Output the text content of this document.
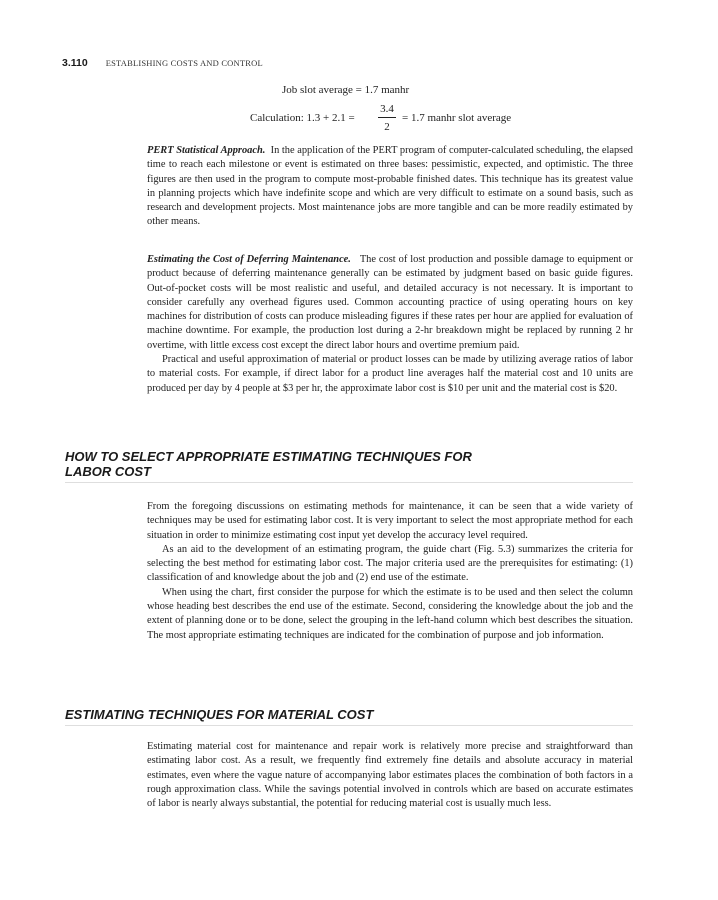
3.110 ESTABLISHING COSTS AND CONTROL
Job slot average = 1.7 manhr
Calculation: 1.3 + 2.1 =
3.4
2
= 1.7 manhr slot average

PERT Statistical Approach. In the application of the PERT program of computer-calculated scheduling, the elapsed time to reach each milestone or event is estimated on three bases: pessimistic, expected, and optimistic. The three figures are then used in the program to compute most-probable finished dates. This technique has its greatest value in planning projects which have indefinite scope and which are very difficult to estimate on a sound basis, such as research and development projects. Most maintenance jobs are more tangible and can be more readily estimated by other means.

Estimating the Cost of Deferring Maintenance. The cost of lost production and possible damage to equipment or product because of deferring maintenance generally can be estimated by judgment based on basic guide figures. Out-of-pocket costs will be most realistic and useful, and detailed accuracy is not necessary. It is important to consider carefully any overhead figures used. Common accounting practice of using operating hours on key machines for distribution of costs can produce misleading figures if these rates per hour are applied for evaluation of machine downtime. For example, the production lost during a 2-hr breakdown might be replaced by running 2 hr overtime, with little excess cost except the direct labor hours and overtime premium paid.

Practical and useful approximation of material or product losses can be made by utilizing average ratios of labor to material costs. For example, if direct labor for a product line averages half the material cost and 10 units are produced per day by 4 people at $3 per hr, the approximate labor cost is $10 per unit and the material cost is $20.

HOW TO SELECT APPROPRIATE ESTIMATING TECHNIQUES FOR
LABOR COST

From the foregoing discussions on estimating methods for maintenance, it can be seen that a wide variety of techniques may be used for estimating labor cost. It is very important to select the most appropriate method for each situation in order to minimize estimating cost input yet develop the accuracy level required.

As an aid to the development of an estimating program, the guide chart (Fig. 5.3) summarizes the criteria for selecting the best method for estimating labor cost. The major criteria used are the prerequisites for estimating: (1) classification of and knowledge about the job and (2) end use of the estimate.

When using the chart, first consider the purpose for which the estimate is to be used and then select the column whose heading best describes the end use of the estimate. Second, considering the knowledge about the job and the extent of planning done or to be done, select the grouping in the left-hand column which best describes the situation. The most appropriate estimating techniques are indicated for the combination of purpose and job information.

ESTIMATING TECHNIQUES FOR MATERIAL COST

Estimating material cost for maintenance and repair work is relatively more precise and straightforward than estimating labor cost. As a result, we frequently find extremely fine details and absolute accuracy in material estimates, even where the vague nature of accompanying labor estimates places the combination of both factors in a rough approximation class. While the savings potential involved in controls which are based on accurate estimates of labor is nearly always substantial, the potential for reducing material cost is usually much less.
